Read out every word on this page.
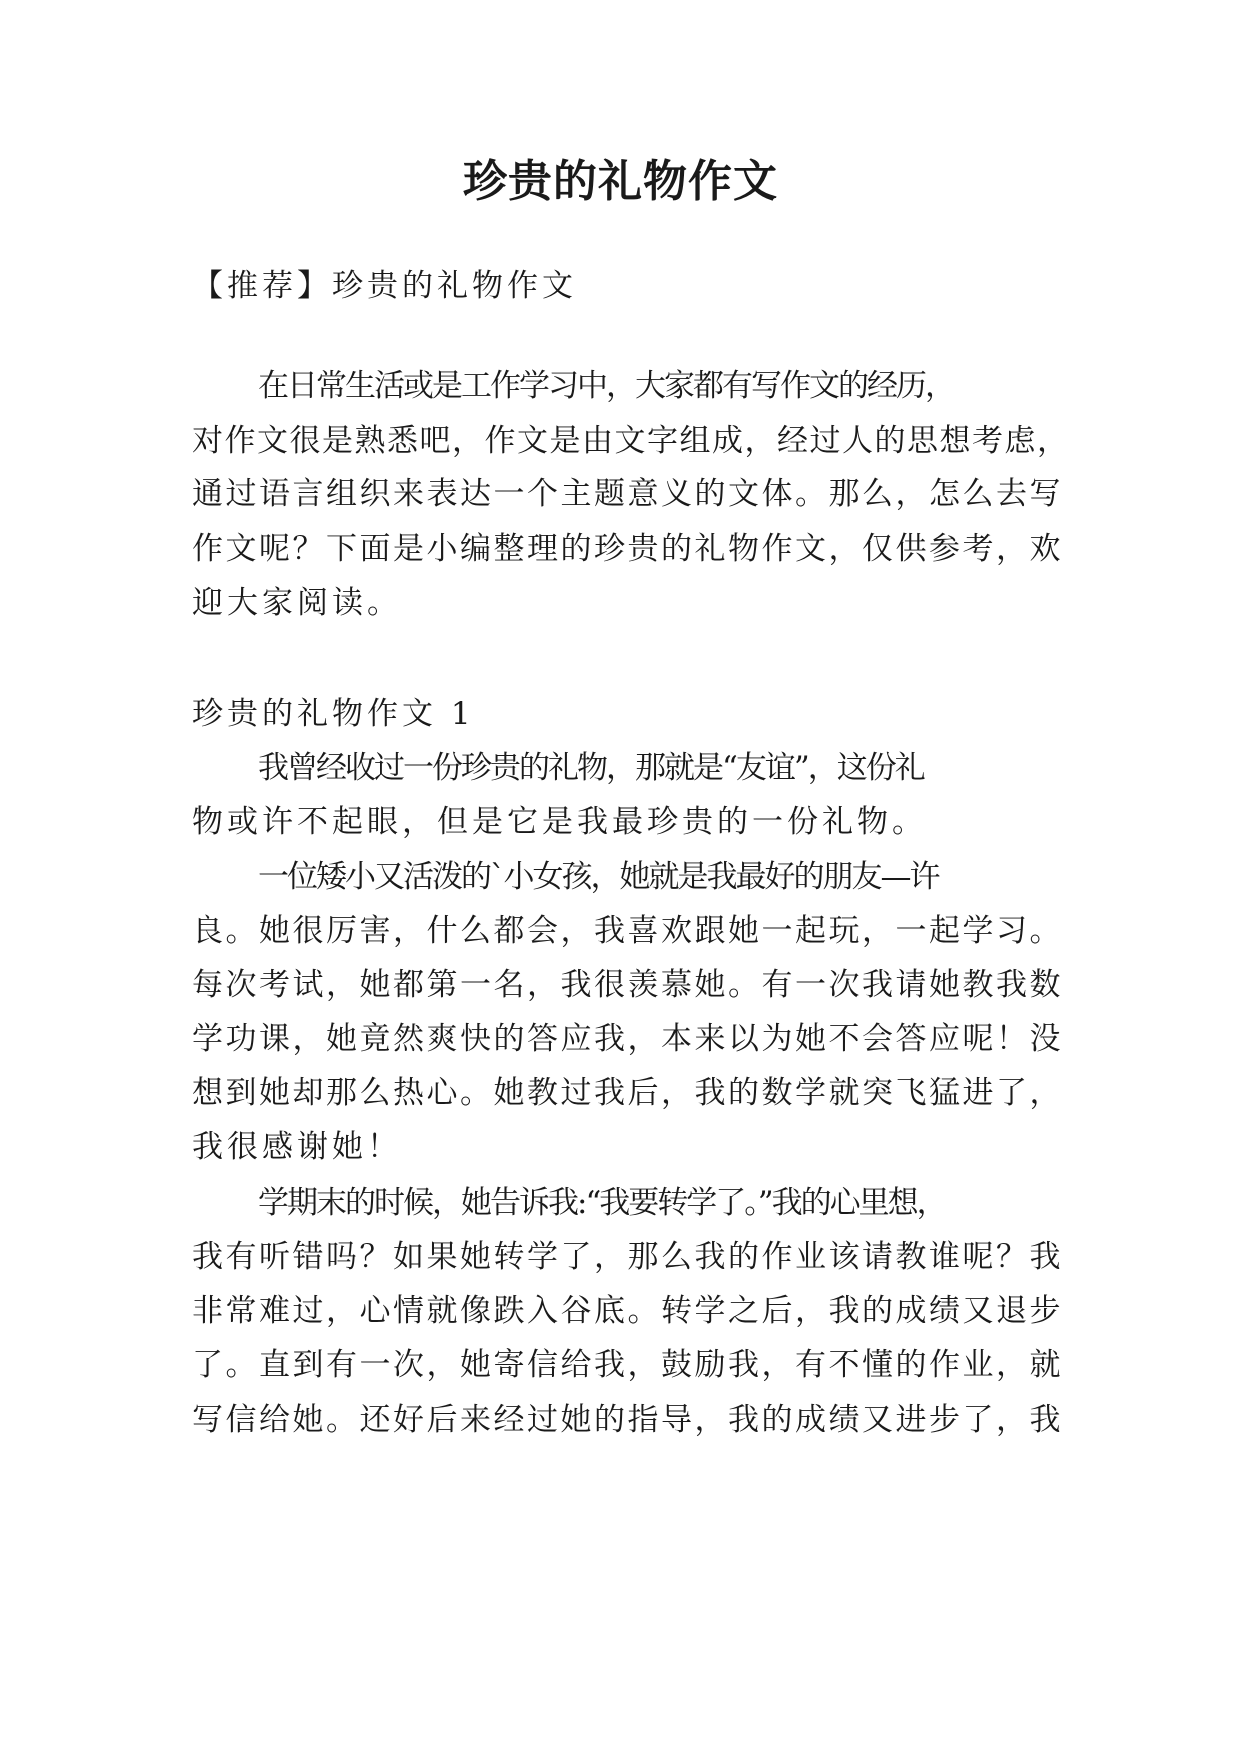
珍贵的礼物作文
【推荐】珍贵的礼物作文
在日常生活或是工作学习中，大家都有写作文的经历，
对作文很是熟悉吧，作文是由文字组成，经过人的思想考虑，
通过语言组织来表达一个主题意义的文体。那么，怎么去写
作文呢？下面是小编整理的珍贵的礼物作文，仅供参考，欢
迎大家阅读。
珍贵的礼物作文 1
我曾经收过一份珍贵的礼物，那就是“友谊”，这份礼
物或许不起眼，但是它是我最珍贵的一份礼物。
一位矮小又活泼的`小女孩，她就是我最好的朋友—许
良。她很厉害，什么都会，我喜欢跟她一起玩，一起学习。
每次考试，她都第一名，我很羡慕她。有一次我请她教我数
学功课，她竟然爽快的答应我，本来以为她不会答应呢！没
想到她却那么热心。她教过我后，我的数学就突飞猛进了，
我很感谢她！
学期末的时候，她告诉我:“我要转学了。”我的心里想，
我有听错吗？如果她转学了，那么我的作业该请教谁呢？我
非常难过，心情就像跌入谷底。转学之后，我的成绩又退步
了。直到有一次，她寄信给我，鼓励我，有不懂的作业，就
写信给她。还好后来经过她的指导，我的成绩又进步了，我
